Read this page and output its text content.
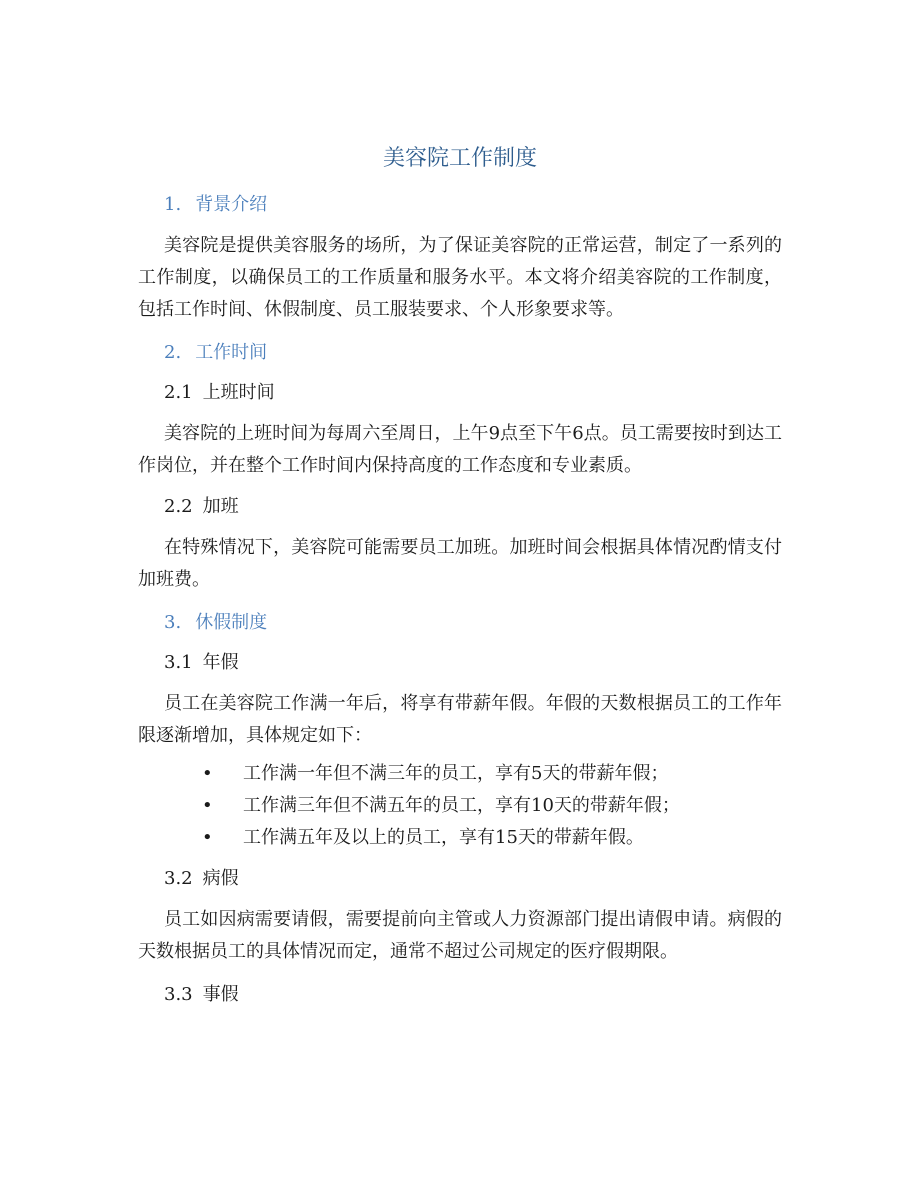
美容院工作制度
1. 背景介绍

美容院是提供美容服务的场所，为了保证美容院的正常运营，制定了一系列的工作制度，以确保员工的工作质量和服务水平。本文将介绍美容院的工作制度，包括工作时间、休假制度、员工服装要求、个人形象要求等。

2. 工作时间
2.1 上班时间

美容院的上班时间为每周六至周日，上午9点至下午6点。员工需要按时到达工作岗位，并在整个工作时间内保持高度的工作态度和专业素质。

2.2 加班

在特殊情况下，美容院可能需要员工加班。加班时间会根据具体情况酌情支付加班费。

3. 休假制度
3.1 年假

员工在美容院工作满一年后，将享有带薪年假。年假的天数根据员工的工作年限逐渐增加，具体规定如下：

• 工作满一年但不满三年的员工，享有5天的带薪年假；
• 工作满三年但不满五年的员工，享有10天的带薪年假；
• 工作满五年及以上的员工，享有15天的带薪年假。
3.2 病假

员工如因病需要请假，需要提前向主管或人力资源部门提出请假申请。病假的天数根据员工的具体情况而定，通常不超过公司规定的医疗假期限。

3.3 事假
